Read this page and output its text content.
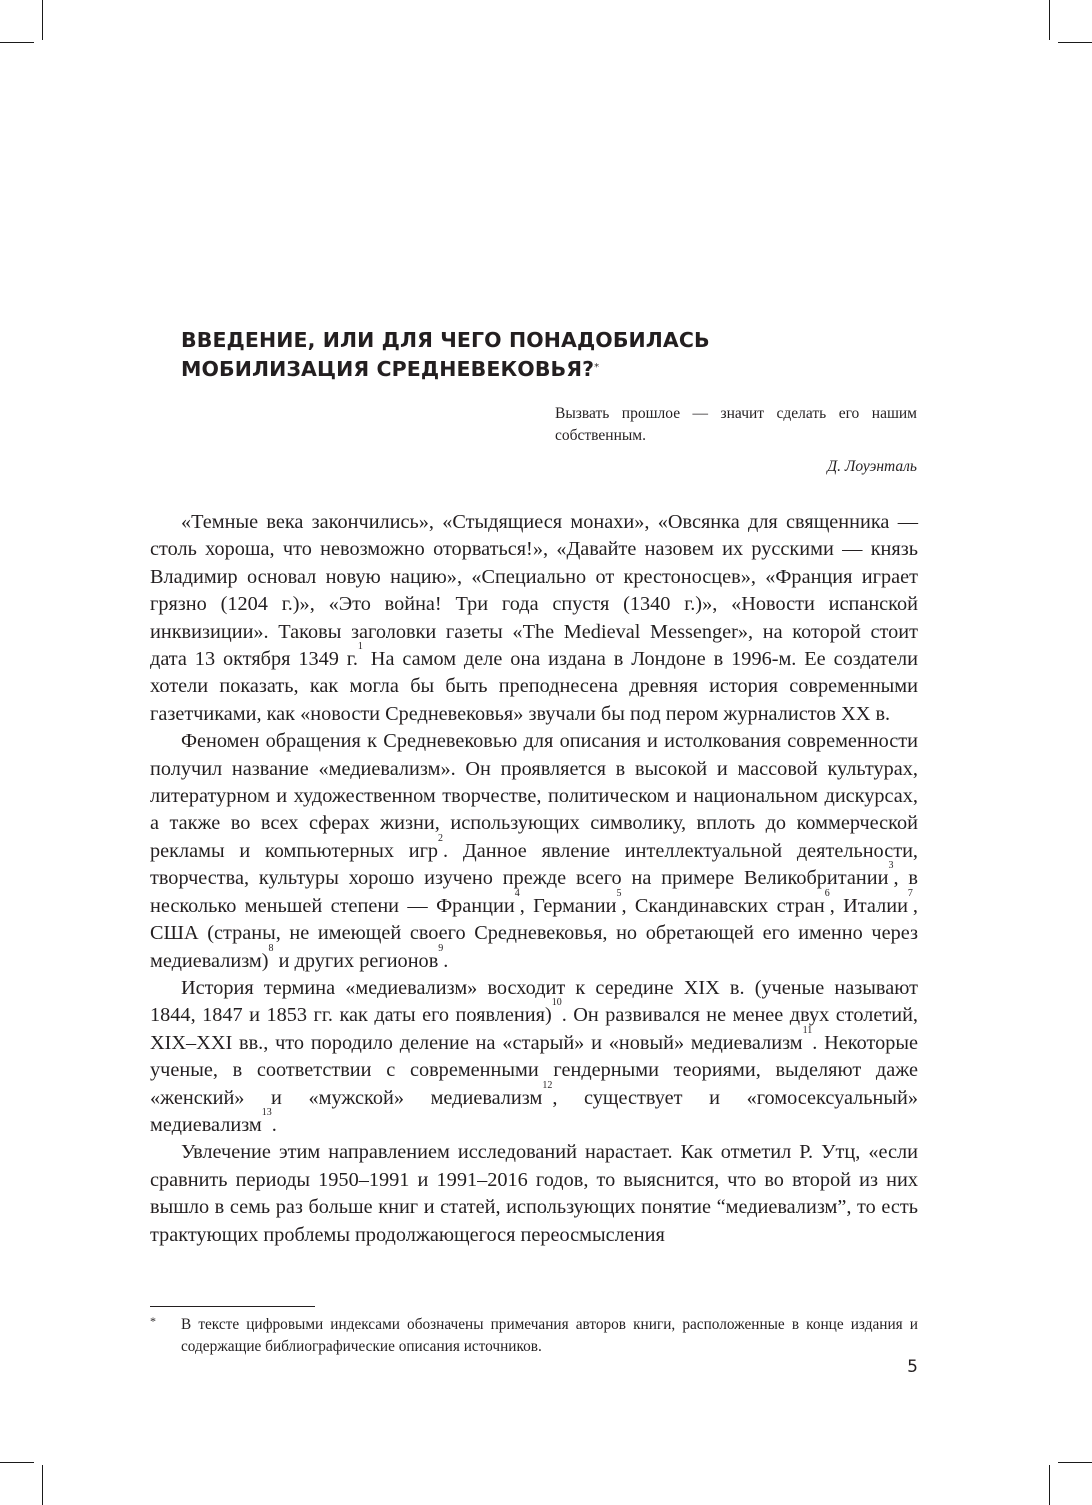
ВВЕДЕНИЕ, ИЛИ ДЛЯ ЧЕГО ПОНАДОБИЛАСЬ
МОБИЛИЗАЦИЯ СРЕДНЕВЕКОВЬЯ?*
Вызвать прошлое — значит сделать его нашим собственным.
Д. Лоуэнталь

«Темные века закончились», «Стыдящиеся монахи», «Овсянка для священника — столь хороша, что невозможно оторваться!», «Давайте назовем их русскими — князь Владимир основал новую нацию», «Специально от крестоносцев», «Франция играет грязно (1204 г.)», «Это война! Три года спустя (1340 г.)», «Новости испанской инквизиции». Таковы заголовки газеты «The Medieval Messenger», на которой стоит дата 13 октября 1349 г.$^1$ На самом деле она издана в Лондоне в 1996-м. Ее создатели хотели показать, как могла бы быть преподнесена древняя история современными газетчиками, как «новости Средневековья» звучали бы под пером журналистов XX в.

Феномен обращения к Средневековью для описания и истолкования современности получил название «медиевализм». Он проявляется в высокой и массовой культурах, литературном и художественном творчестве, политическом и национальном дискурсах, а также во всех сферах жизни, использующих символику, вплоть до коммерческой рекламы и компьютерных игр$^2$. Данное явление интеллектуальной деятельности, творчества, культуры хорошо изучено прежде всего на примере Великобритании$^3$, в несколько меньшей степени — Франции$^4$, Германии$^5$, Скандинавских стран$^6$, Италии$^7$, США (страны, не имеющей своего Средневековья, но обретающей его именно через медиевализм)$^8$ и других регионов$^9$.

История термина «медиевализм» восходит к середине XIX в. (ученые называют 1844, 1847 и 1853 гг. как даты его появления)$^{10}$. Он развивался не менее двух столетий, XIX–XXI вв., что породило деление на «старый» и «новый» медиевализм$^{11}$. Некоторые ученые, в соответствии с современными гендерными теориями, выделяют даже «женский» и «мужской» медиевализм$^{12}$, существует и «гомосексуальный» медиевализм$^{13}$.

Увлечение этим направлением исследований нарастает. Как отметил Р. Утц, «если сравнить периоды 1950–1991 и 1991–2016 годов, то выяснится, что во второй из них вышло в семь раз больше книг и статей, использующих понятие “медиевализм”, то есть трактующих проблемы продолжающегося переосмысления

* В тексте цифровыми индексами обозначены примечания авторов книги, расположенные в конце издания и содержащие библиографические описания источников.
5
